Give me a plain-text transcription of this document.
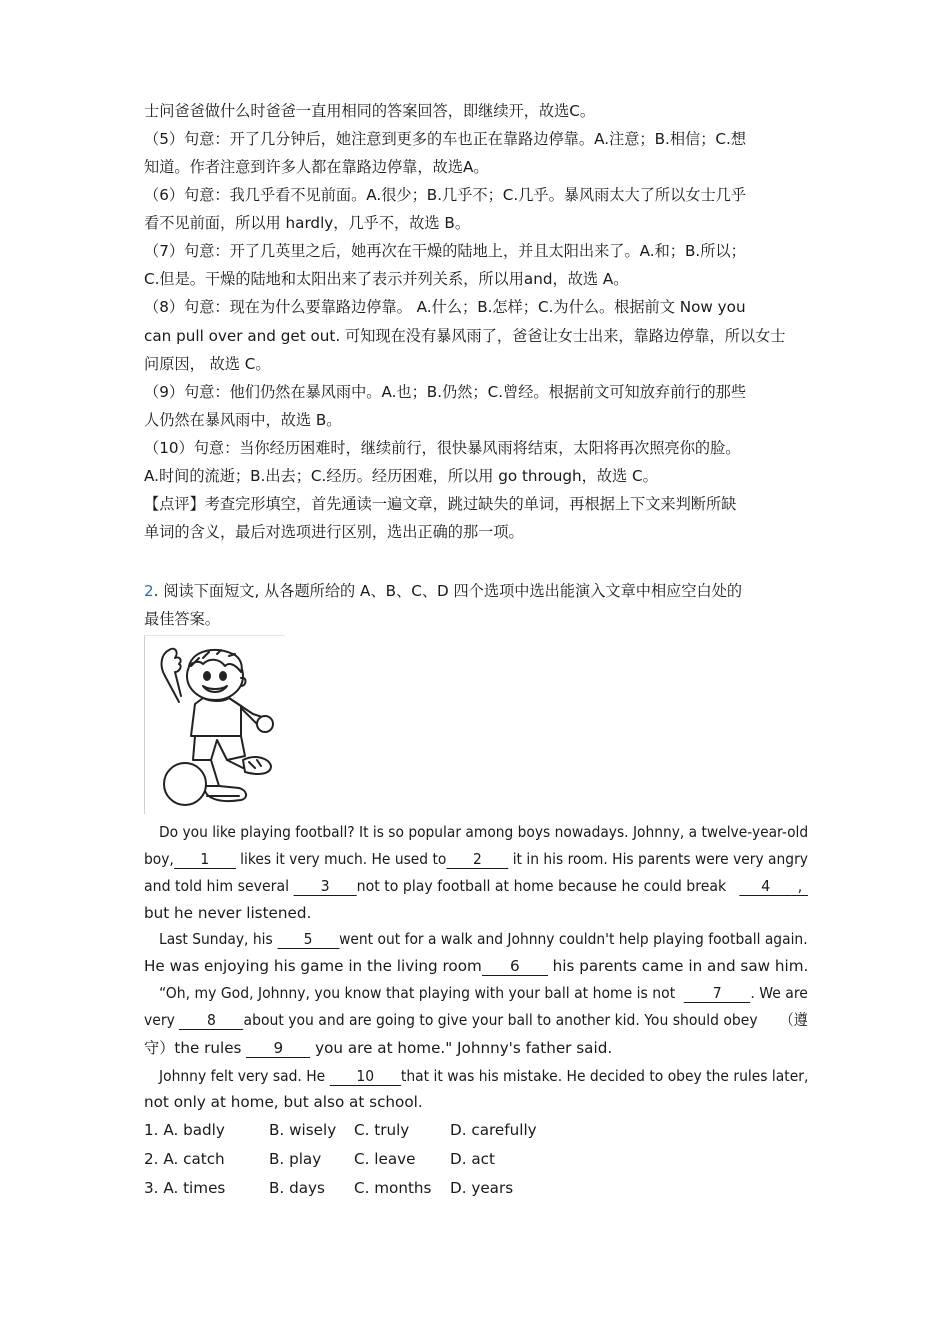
士问爸爸做什么时爸爸一直用相同的答案回答，即继续开，故选C。
（5）句意：开了几分钟后，她注意到更多的车也正在靠路边停靠。A.注意；B.相信；C.想
知道。作者注意到许多人都在靠路边停靠，故选A。
（6）句意：我几乎看不见前面。A.很少；B.几乎不；C.几乎。暴风雨太大了所以女士几乎
看不见前面，所以用 hardly，几乎不，故选 B。
（7）句意：开了几英里之后，她再次在干燥的陆地上，并且太阳出来了。A.和；B.所以；
C.但是。干燥的陆地和太阳出来了表示并列关系，所以用and，故选 A。
（8）句意：现在为什么要靠路边停靠。 A.什么；B.怎样；C.为什么。根据前文 Now you
can pull over and get out. 可知现在没有暴风雨了，爸爸让女士出来，靠路边停靠，所以女士
问原因， 故选 C。
（9）句意：他们仍然在暴风雨中。A.也；B.仍然；C.曾经。根据前文可知放弃前行的那些
人仍然在暴风雨中，故选 B。
（10）句意：当你经历困难时，继续前行，很快暴风雨将结束，太阳将再次照亮你的脸。
A.时间的流逝；B.出去；C.经历。经历困难，所以用 go through，故选 C。
【点评】考查完形填空，首先通读一遍文章，跳过缺失的单词，再根据上下文来判断所缺
单词的含义，最后对选项进行区别，选出正确的那一项。
2. 阅读下面短文, 从各题所给的 A、B、C、D 四个选项中选出能演入文章中相应空白处的
最佳答案。
Do you like playing football? It is so popular among boys nowadays. Johnny, a twelve-year-old
boy, 1 likes it very much. He used to 2 it in his room. His parents were very angry
and told him several 3 not to play football at home because he could break 4 ,
but he never listened.
Last Sunday, his 5 went out for a walk and Johnny couldn't help playing football again.
He was enjoying his game in the living room 6 his parents came in and saw him.
“Oh, my God, Johnny, you know that playing with your ball at home is not 7 . We are
very 8 about you and are going to give your ball to another kid. You should obey （遵
守）the rules 9 you are at home." Johnny's father said.
Johnny felt very sad. He 10 that it was his mistake. He decided to obey the rules later,
not only at home, but also at school.
1. A. badly	B. wisely C. truly	D. carefully
2. A. catch	B. play C. leave D. act
3. A. times	B. days C. months D. years
